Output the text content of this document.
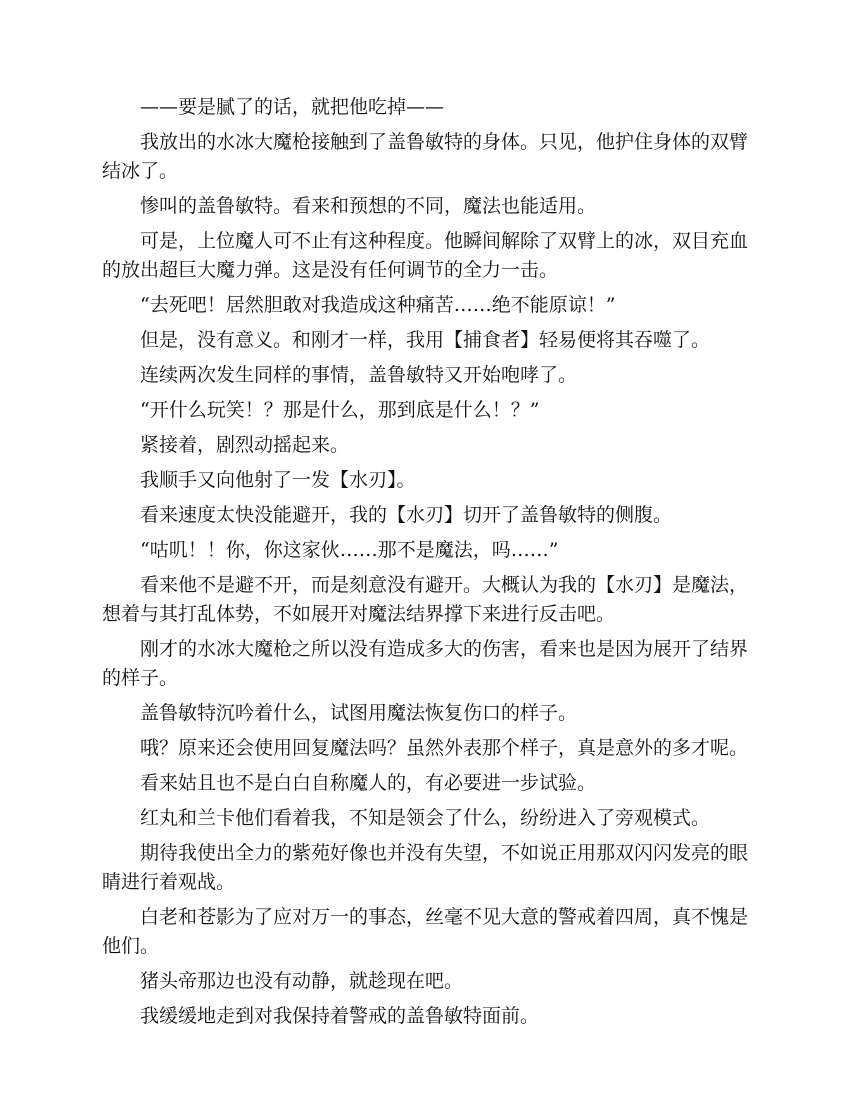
——要是腻了的话，就把他吃掉——

我放出的水冰大魔枪接触到了盖鲁敏特的身体。只见，他护住身体的双臂结冰了。

惨叫的盖鲁敏特。看来和预想的不同，魔法也能适用。

可是，上位魔人可不止有这种程度。他瞬间解除了双臂上的冰，双目充血的放出超巨大魔力弹。这是没有任何调节的全力一击。

“去死吧！居然胆敢对我造成这种痛苦……绝不能原谅！”

但是，没有意义。和刚才一样，我用【捕食者】轻易便将其吞噬了。

连续两次发生同样的事情，盖鲁敏特又开始咆哮了。

“开什么玩笑！？那是什么，那到底是什么！？”

紧接着，剧烈动摇起来。

我顺手又向他射了一发【水刃】。

看来速度太快没能避开，我的【水刃】切开了盖鲁敏特的侧腹。

“咕叽！！你，你这家伙……那不是魔法，吗……”

看来他不是避不开，而是刻意没有避开。大概认为我的【水刃】是魔法，想着与其打乱体势，不如展开对魔法结界撑下来进行反击吧。

刚才的水冰大魔枪之所以没有造成多大的伤害，看来也是因为展开了结界的样子。

盖鲁敏特沉吟着什么，试图用魔法恢复伤口的样子。

哦？原来还会使用回复魔法吗？虽然外表那个样子，真是意外的多才呢。

看来姑且也不是白白自称魔人的，有必要进一步试验。

红丸和兰卡他们看着我，不知是领会了什么，纷纷进入了旁观模式。

期待我使出全力的紫苑好像也并没有失望，不如说正用那双闪闪发亮的眼睛进行着观战。

白老和苍影为了应对万一的事态，丝毫不见大意的警戒着四周，真不愧是他们。

猪头帝那边也没有动静，就趁现在吧。

我缓缓地走到对我保持着警戒的盖鲁敏特面前。
